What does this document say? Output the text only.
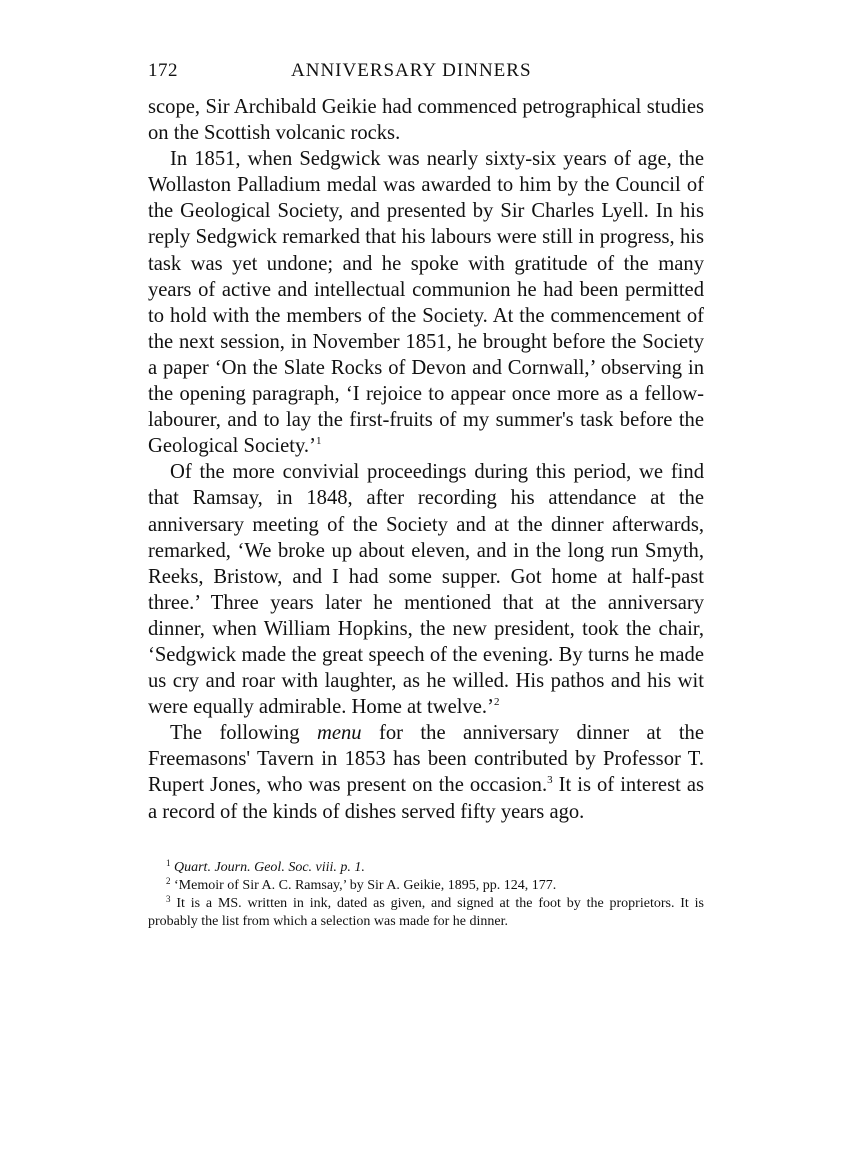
172	ANNIVERSARY DINNERS

scope, Sir Archibald Geikie had commenced petrographical studies on the Scottish volcanic rocks.

In 1851, when Sedgwick was nearly sixty-six years of age, the Wollaston Palladium medal was awarded to him by the Council of the Geological Society, and presented by Sir Charles Lyell. In his reply Sedgwick remarked that his labours were still in progress, his task was yet undone; and he spoke with gratitude of the many years of active and intellectual communion he had been permitted to hold with the members of the Society. At the commencement of the next session, in November 1851, he brought before the Society a paper ‘On the Slate Rocks of Devon and Cornwall,’ observing in the opening paragraph, ‘I rejoice to appear once more as a fellow-labourer, and to lay the first-fruits of my summer's task before the Geological Society.’$^1$

Of the more convivial proceedings during this period, we find that Ramsay, in 1848, after recording his attendance at the anniversary meeting of the Society and at the dinner afterwards, remarked, ‘We broke up about eleven, and in the long run Smyth, Reeks, Bristow, and I had some supper. Got home at half-past three.’ Three years later he mentioned that at the anniversary dinner, when William Hopkins, the new president, took the chair, ‘Sedgwick made the great speech of the evening. By turns he made us cry and roar with laughter, as he willed. His pathos and his wit were equally admirable. Home at twelve.’$^2$

The following menu for the anniversary dinner at the Freemasons' Tavern in 1853 has been contributed by Professor T. Rupert Jones, who was present on the occasion.$^3$ It is of interest as a record of the kinds of dishes served fifty years ago.

$^1$ Quart. Journ. Geol. Soc. viii. p. 1.

$^2$ ‘Memoir of Sir A. C. Ramsay,’ by Sir A. Geikie, 1895, pp. 124, 177.

$^3$ It is a MS. written in ink, dated as given, and signed at the foot by the proprietors. It is probably the list from which a selection was made for he dinner.
